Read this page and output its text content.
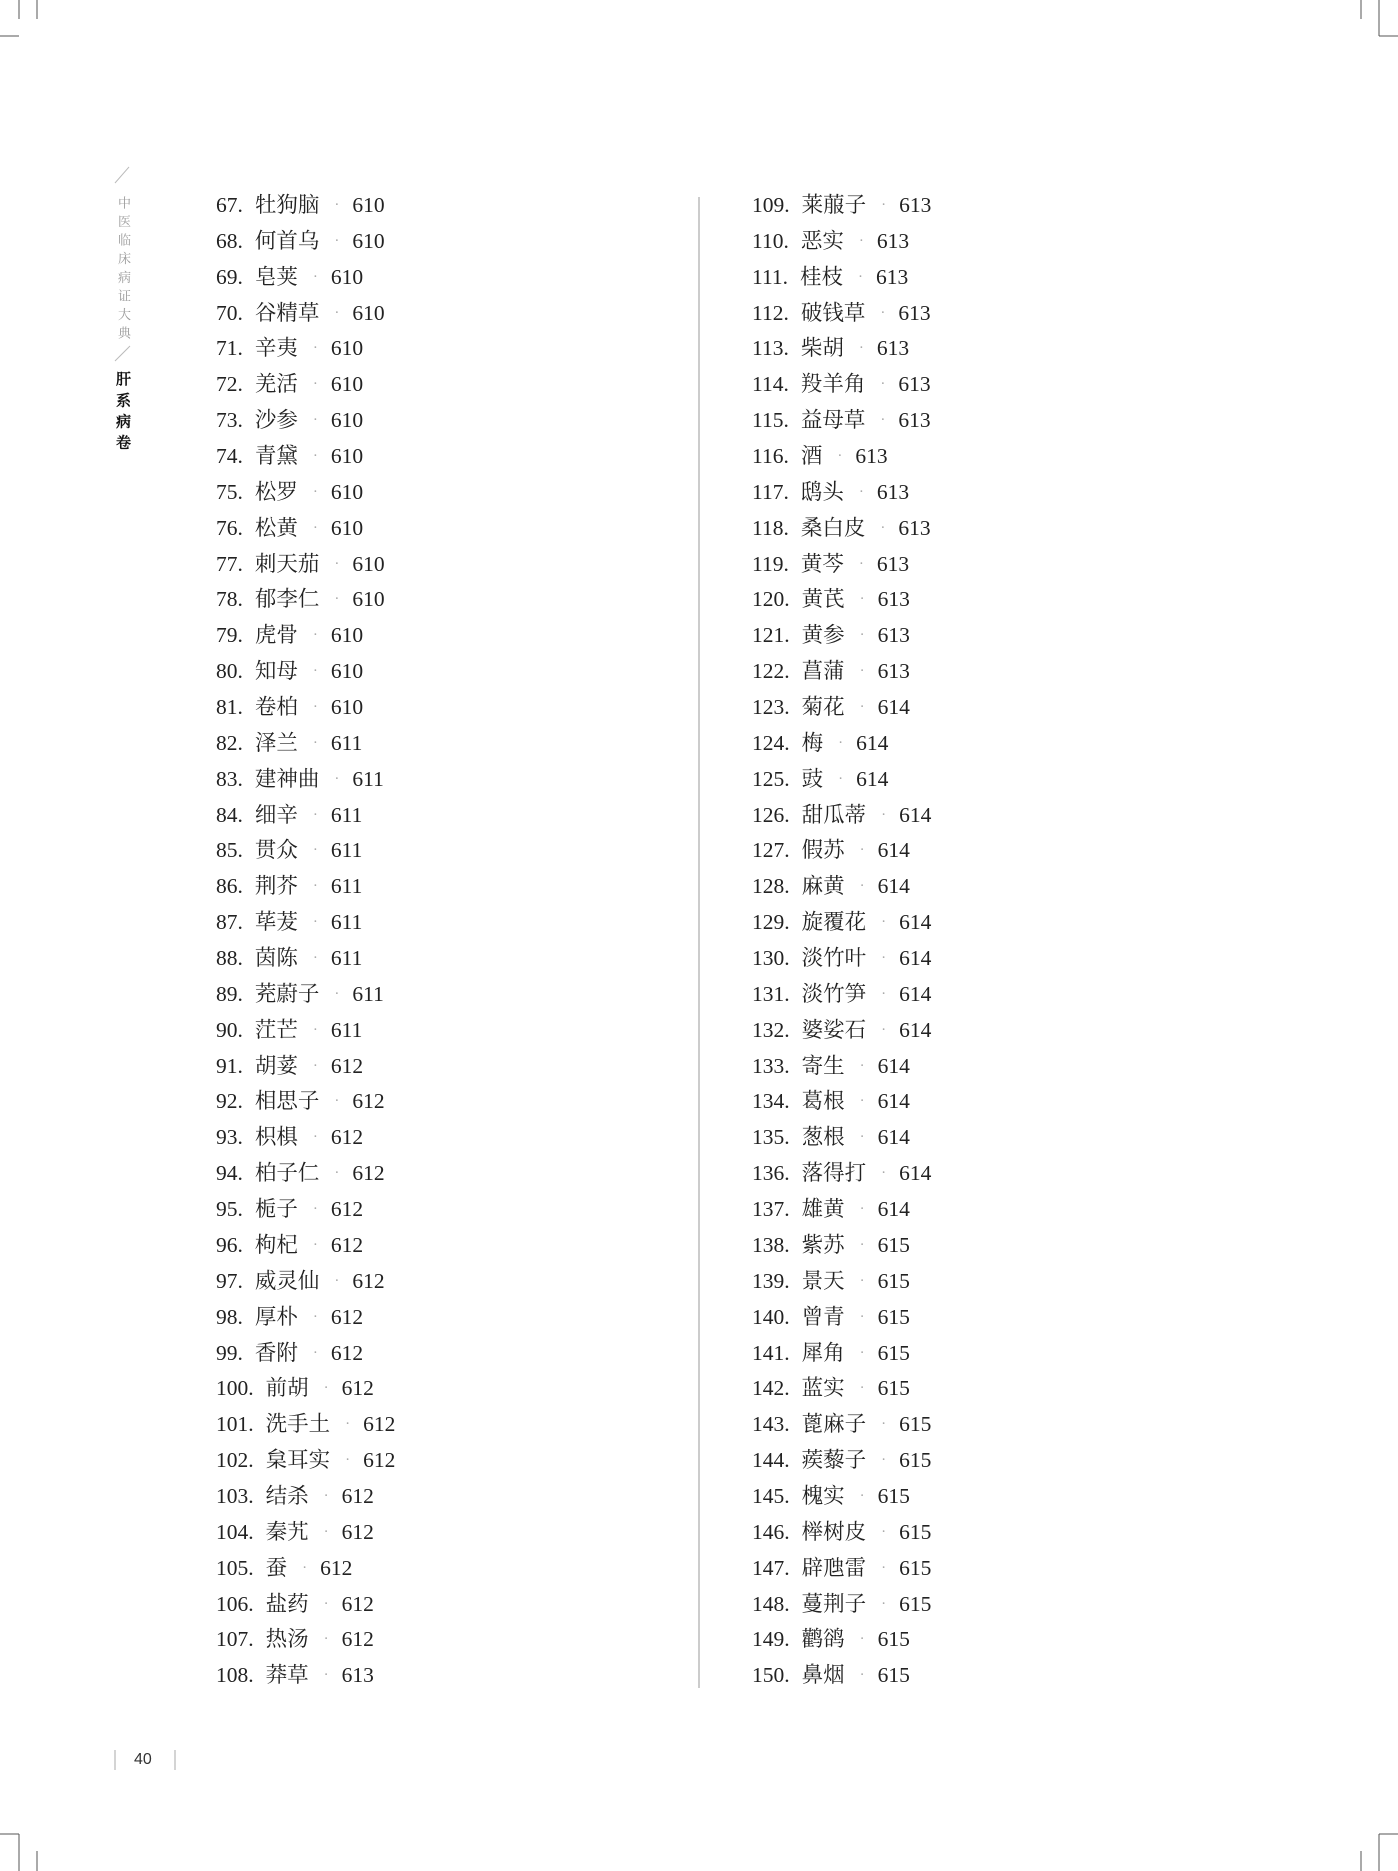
中医临床病证大典
肝系病卷
67. 牡狗脑 · 610
68. 何首乌 · 610
69. 皂荚 · 610
70. 谷精草 · 610
71. 辛夷 · 610
72. 羌活 · 610
73. 沙参 · 610
74. 青黛 · 610
75. 松罗 · 610
76. 松黄 · 610
77. 刺天茄 · 610
78. 郁李仁 · 610
79. 虎骨 · 610
80. 知母 · 610
81. 卷柏 · 610
82. 泽兰 · 611
83. 建神曲 · 611
84. 细辛 · 611
85. 贯众 · 611
86. 荆芥 · 611
87. 荜茇 · 611
88. 茵陈 · 611
89. 茺蔚子 · 611
90. 茳芒 · 611
91. 胡荽 · 612
92. 相思子 · 612
93. 枳椇 · 612
94. 柏子仁 · 612
95. 栀子 · 612
96. 枸杞 · 612
97. 威灵仙 · 612
98. 厚朴 · 612
99. 香附 · 612
100. 前胡 · 612
101. 洗手土 · 612
102. 枲耳实 · 612
103. 结杀 · 612
104. 秦艽 · 612
105. 蚕 · 612
106. 盐药 · 612
107. 热汤 · 612
108. 莽草 · 613
109. 莱菔子 · 613
110. 恶实 · 613
111. 桂枝 · 613
112. 破钱草 · 613
113. 柴胡 · 613
114. 羖羊角 · 613
115. 益母草 · 613
116. 酒 · 613
117. 鸱头 · 613
118. 桑白皮 · 613
119. 黄芩 · 613
120. 黄芪 · 613
121. 黄参 · 613
122. 菖蒲 · 613
123. 菊花 · 614
124. 梅 · 614
125. 豉 · 614
126. 甜瓜蒂 · 614
127. 假苏 · 614
128. 麻黄 · 614
129. 旋覆花 · 614
130. 淡竹叶 · 614
131. 淡竹笋 · 614
132. 婆娑石 · 614
133. 寄生 · 614
134. 葛根 · 614
135. 葱根 · 614
136. 落得打 · 614
137. 雄黄 · 614
138. 紫苏 · 615
139. 景天 · 615
140. 曾青 · 615
141. 犀角 · 615
142. 蓝实 · 615
143. 蓖麻子 · 615
144. 蒺藜子 · 615
145. 槐实 · 615
146. 榉树皮 · 615
147. 辟虺雷 · 615
148. 蔓荆子 · 615
149. 鹳鹆 · 615
150. 鼻烟 · 615
40
